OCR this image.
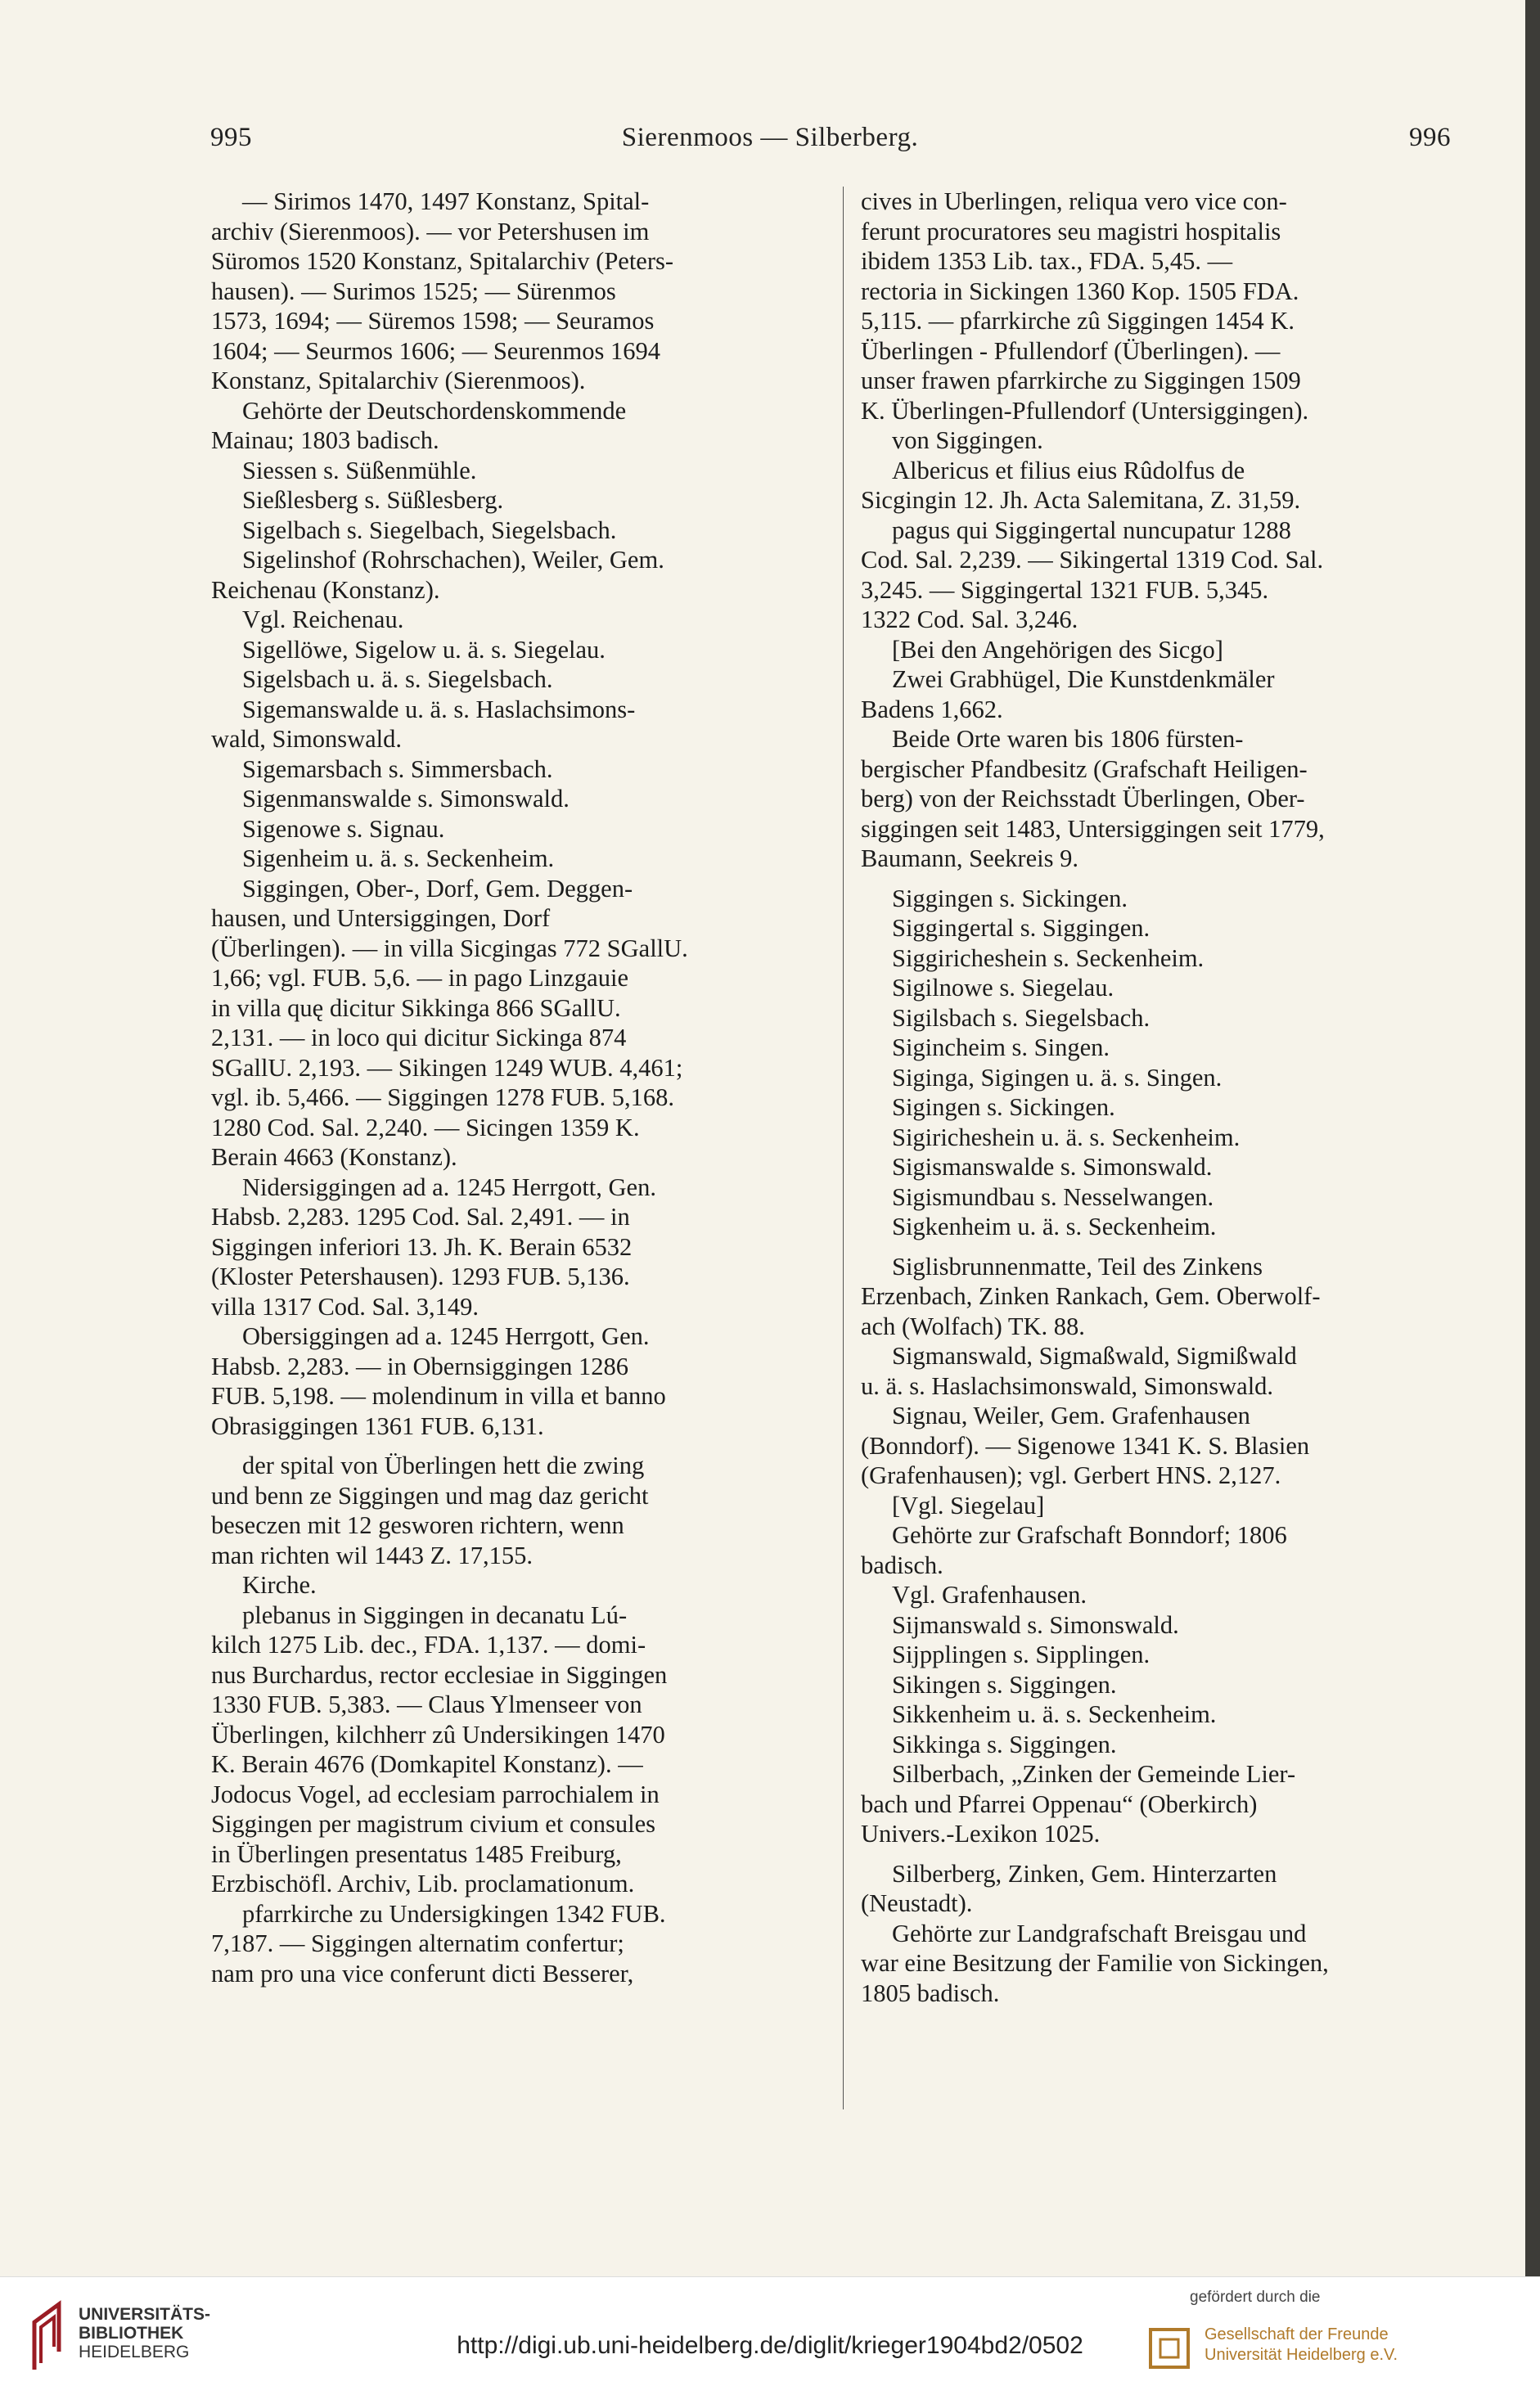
995	Sierenmoos — Silberberg.	996
— Sirimos 1470, 1497 Konstanz, Spital-
archiv (Sierenmoos). — vor Petershusen im
Süromos 1520 Konstanz, Spitalarchiv (Peters-
hausen). — Surimos 1525; — Sürenmos
1573, 1694; — Süremos 1598; — Seuramos
1604; — Seurmos 1606; — Seurenmos 1694
Konstanz, Spitalarchiv (Sierenmoos).
Gehörte der Deutschordenskommende
Mainau; 1803 badisch.
Siessen s. Süßenmühle.
Sießlesberg s. Süßlesberg.
Sigelbach s. Siegelbach, Siegelsbach.
Sigelinshof (Rohrschachen), Weiler, Gem.
Reichenau (Konstanz).
Vgl. Reichenau.
Sigellöwe, Sigelow u. ä. s. Siegelau.
Sigelsbach u. ä. s. Siegelsbach.
Sigemanswalde u. ä. s. Haslachsimons-
wald, Simonswald.
Sigemarsbach s. Simmersbach.
Sigenmanswalde s. Simonswald.
Sigenowe s. Signau.
Sigenheim u. ä. s. Seckenheim.
Siggingen, Ober-, Dorf, Gem. Deggen-
hausen, und Untersiggingen, Dorf
(Überlingen). — in villa Sicgingas 772 SGallU.
1,66; vgl. FUB. 5,6. — in pago Linzgauie
in villa quę dicitur Sikkinga 866 SGallU.
2,131. — in loco qui dicitur Sickinga 874
SGallU. 2,193. — Sikingen 1249 WUB. 4,461;
vgl. ib. 5,466. — Siggingen 1278 FUB. 5,168.
1280 Cod. Sal. 2,240. — Sicingen 1359 K.
Berain 4663 (Konstanz).
Nidersiggingen ad a. 1245 Herrgott, Gen.
Habsb. 2,283. 1295 Cod. Sal. 2,491. — in
Siggingen inferiori 13. Jh. K. Berain 6532
(Kloster Petershausen). 1293 FUB. 5,136.
villa 1317 Cod. Sal. 3,149.
Obersiggingen ad a. 1245 Herrgott, Gen.
Habsb. 2,283. — in Obernsiggingen 1286
FUB. 5,198. — molendinum in villa et banno
Obrasiggingen 1361 FUB. 6,131.
der spital von Überlingen hett die zwing
und benn ze Siggingen und mag daz gericht
beseczen mit 12 gesworen richtern, wenn
man richten wil 1443 Z. 17,155.
Kirche.
plebanus in Siggingen in decanatu Lú-
kilch 1275 Lib. dec., FDA. 1,137. — domi-
nus Burchardus, rector ecclesiae in Siggingen
1330 FUB. 5,383. — Claus Ylmenseer von
Überlingen, kilchherr zû Undersikingen 1470
K. Berain 4676 (Domkapitel Konstanz). —
Jodocus Vogel, ad ecclesiam parrochialem in
Siggingen per magistrum civium et consules
in Überlingen presentatus 1485 Freiburg,
Erzbischöfl. Archiv, Lib. proclamationum.
pfarrkirche zu Undersigkingen 1342 FUB.
7,187. — Siggingen alternatim confertur;
nam pro una vice conferunt dicti Besserer,
cives in Uberlingen, reliqua vero vice con-
ferunt procuratores seu magistri hospitalis
ibidem 1353 Lib. tax., FDA. 5,45. —
rectoria in Sickingen 1360 Kop. 1505 FDA.
5,115. — pfarrkirche zû Siggingen 1454 K.
Überlingen - Pfullendorf (Überlingen). —
unser frawen pfarrkirche zu Siggingen 1509
K. Überlingen-Pfullendorf (Untersiggingen).
von Siggingen.
Albericus et filius eius Rûdolfus de
Sicgingin 12. Jh. Acta Salemitana, Z. 31,59.
pagus qui Siggingertal nuncupatur 1288
Cod. Sal. 2,239. — Sikingertal 1319 Cod. Sal.
3,245. — Siggingertal 1321 FUB. 5,345.
1322 Cod. Sal. 3,246.
[Bei den Angehörigen des Sicgo]
Zwei Grabhügel, Die Kunstdenkmäler
Badens 1,662.
Beide Orte waren bis 1806 fürsten-
bergischer Pfandbesitz (Grafschaft Heiligen-
berg) von der Reichsstadt Überlingen, Ober-
siggingen seit 1483, Untersiggingen seit 1779,
Baumann, Seekreis 9.
Siggingen s. Sickingen.
Siggingertal s. Siggingen.
Siggiricheshein s. Seckenheim.
Sigilnowe s. Siegelau.
Sigilsbach s. Siegelsbach.
Sigincheim s. Singen.
Siginga, Sigingen u. ä. s. Singen.
Sigingen s. Sickingen.
Sigiricheshein u. ä. s. Seckenheim.
Sigismanswalde s. Simonswald.
Sigismundbau s. Nesselwangen.
Sigkenheim u. ä. s. Seckenheim.
Siglisbrunnenmatte, Teil des Zinkens
Erzenbach, Zinken Rankach, Gem. Oberwolf-
ach (Wolfach) TK. 88.
Sigmanswald, Sigmaßwald, Sigmißwald
u. ä. s. Haslachsimonswald, Simonswald.
Signau, Weiler, Gem. Grafenhausen
(Bonndorf). — Sigenowe 1341 K. S. Blasien
(Grafenhausen); vgl. Gerbert HNS. 2,127.
[Vgl. Siegelau]
Gehörte zur Grafschaft Bonndorf; 1806
badisch.
Vgl. Grafenhausen.
Sijmanswald s. Simonswald.
Sijpplingen s. Sipplingen.
Sikingen s. Siggingen.
Sikkenheim u. ä. s. Seckenheim.
Sikkinga s. Siggingen.
Silberbach, „Zinken der Gemeinde Lier-
bach und Pfarrei Oppenau“ (Oberkirch)
Univers.-Lexikon 1025.
Silberberg, Zinken, Gem. Hinterzarten
(Neustadt).
Gehörte zur Landgrafschaft Breisgau und
war eine Besitzung der Familie von Sickingen,
1805 badisch.
UNIVERSITÄTS-
BIBLIOTHEK
HEIDELBERG	http://digi.ub.uni-heidelberg.de/diglit/krieger1904bd2/0502
gefördert durch die
Gesellschaft der Freunde
Universität Heidelberg e.V.
